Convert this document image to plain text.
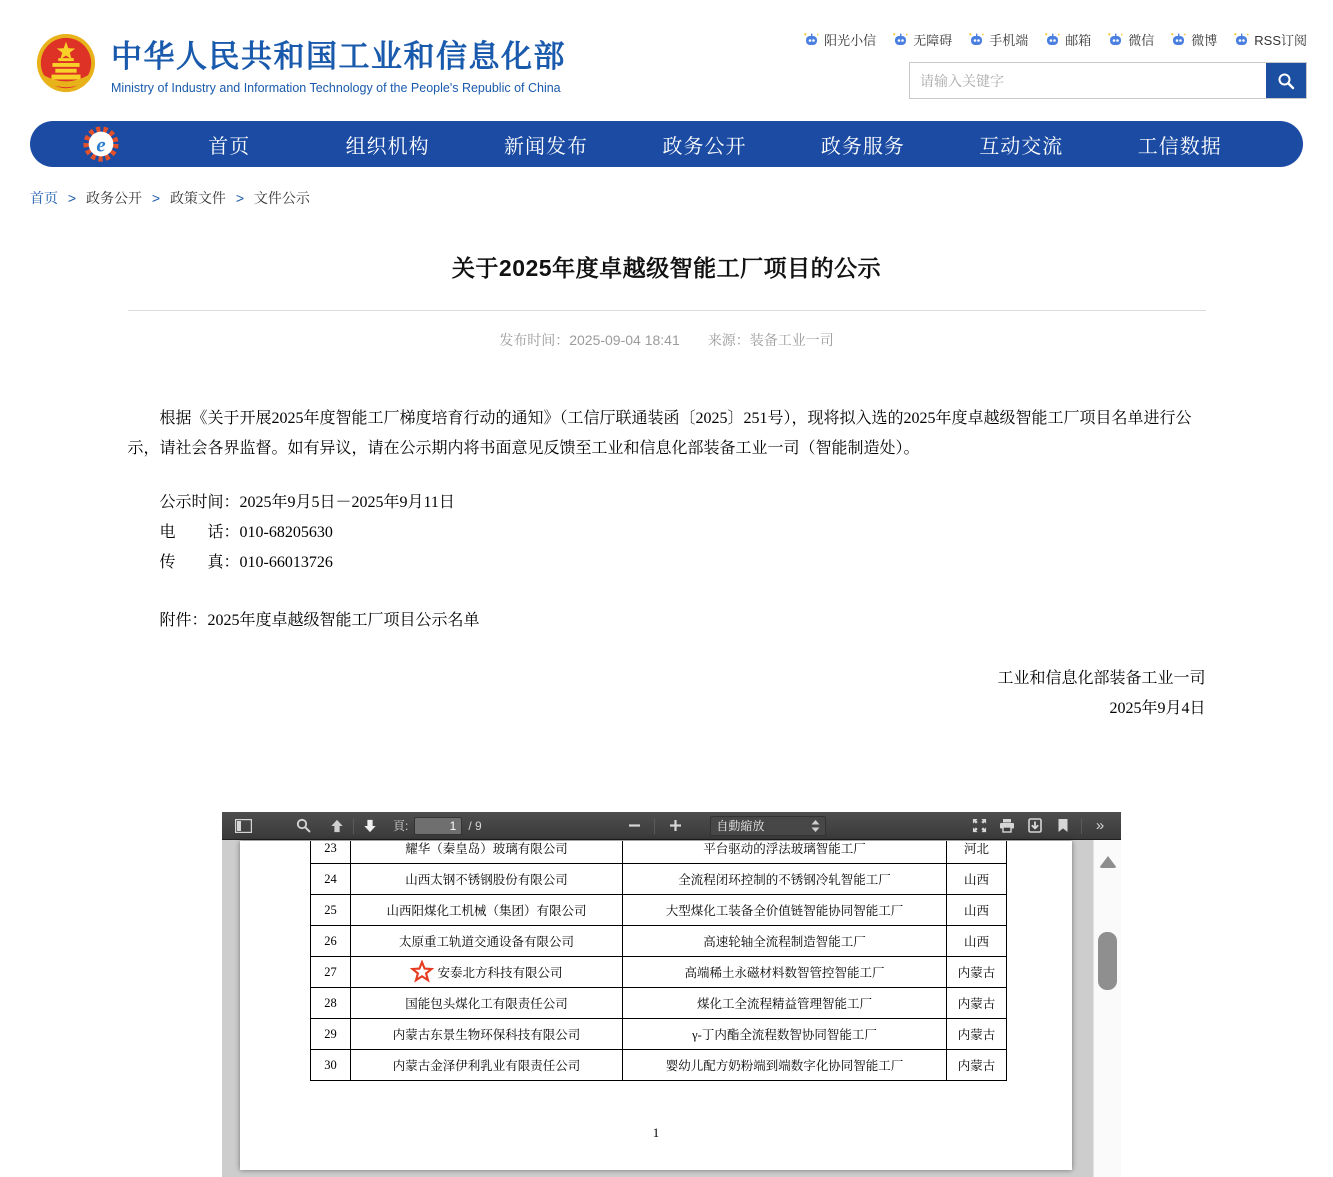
中华人民共和国工业和信息化部
Ministry of Industry and Information Technology of the People's Republic of China
阳光小信	无障碍	手机端	邮箱	微信	微博	RSS订阅
请输入关键字
e	首页	组织机构	新闻发布	政务公开	政务服务	互动交流	工信数据
首页 > 政务公开 > 政策文件 > 文件公示
关于2025年度卓越级智能工厂项目的公示
发布时间：2025-09-04 18:41 来源：装备工业一司

根据《关于开展2025年度智能工厂梯度培育行动的通知》（工信厅联通装函〔2025〕251号），现将拟入选的2025年度卓越级智能工厂项目名单进行公示，请社会各界监督。如有异议，请在公示期内将书面意见反馈至工业和信息化部装备工业一司（智能制造处）。

公示时间：2025年9月5日－2025年9月11日

电　　话：010-68205630

传　　真：010-66013726

附件：2025年度卓越级智能工厂项目公示名单

工业和信息化部装备工业一司
2025年9月4日
頁:
1	/ 9	自動縮放	»
23	耀华（秦皇岛）玻璃有限公司	平台驱动的浮法玻璃智能工厂	河北
24	山西太钢不锈钢股份有限公司	全流程闭环控制的不锈钢冷轧智能工厂	山西
25	山西阳煤化工机械（集团）有限公司	大型煤化工装备全价值链智能协同智能工厂	山西
26	太原重工轨道交通设备有限公司	高速轮轴全流程制造智能工厂	山西
27	安泰北方科技有限公司	高端稀土永磁材料数智管控智能工厂	内蒙古
28	国能包头煤化工有限责任公司	煤化工全流程精益管理智能工厂	内蒙古
29	内蒙古东景生物环保科技有限公司	γ-丁内酯全流程数智协同智能工厂	内蒙古
30	内蒙古金泽伊利乳业有限责任公司	婴幼儿配方奶粉端到端数字化协同智能工厂	内蒙古
1
